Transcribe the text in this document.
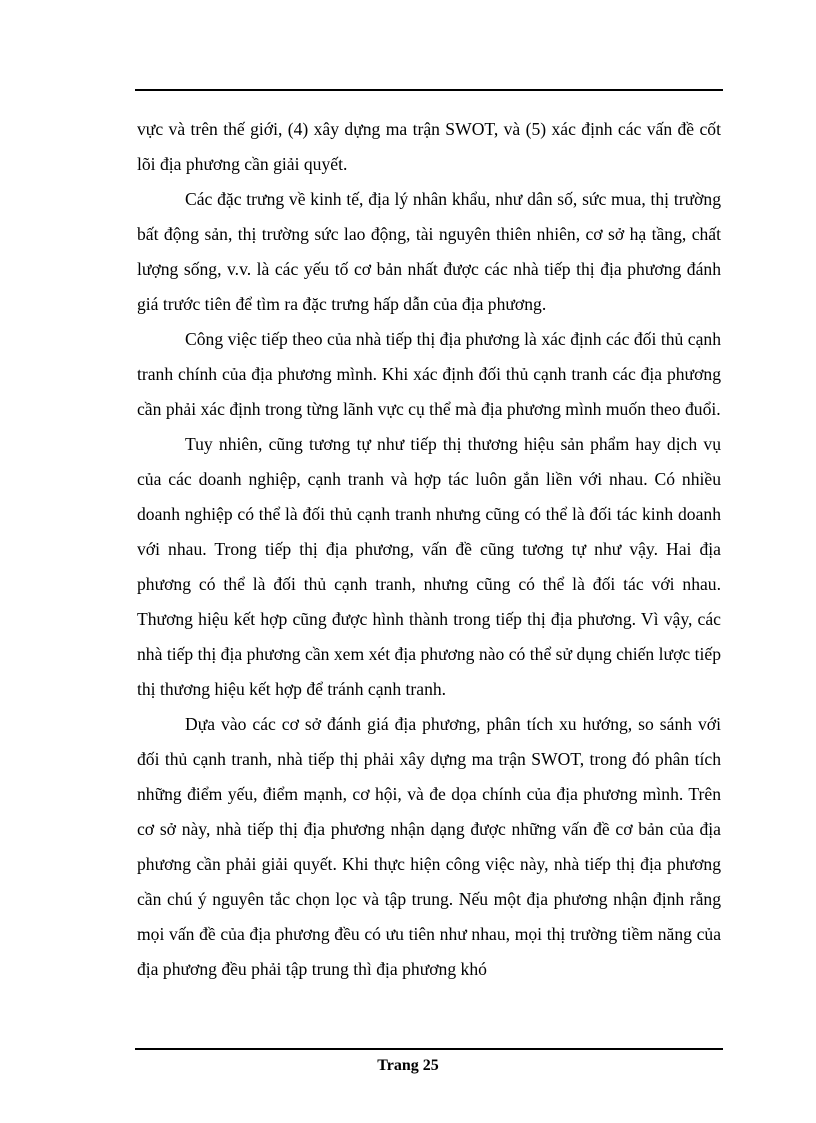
vực và trên thế giới, (4) xây dựng ma trận SWOT, và (5) xác định các vấn đề cốt lõi địa phương cần giải quyết.

Các đặc trưng về kinh tế, địa lý nhân khẩu, như dân số, sức mua, thị trường bất động sản, thị trường sức lao động, tài nguyên thiên nhiên, cơ sở hạ tầng, chất lượng sống, v.v. là các yếu tố cơ bản nhất được các nhà tiếp thị địa phương đánh giá trước tiên để tìm ra đặc trưng hấp dẫn của địa phương.

Công việc tiếp theo của nhà tiếp thị địa phương là xác định các đối thủ cạnh tranh chính của địa phương mình. Khi xác định đối thủ cạnh tranh các địa phương cần phải xác định trong từng lãnh vực cụ thể mà địa phương mình muốn theo đuổi.

Tuy nhiên, cũng tương tự như tiếp thị thương hiệu sản phẩm hay dịch vụ của các doanh nghiệp, cạnh tranh và hợp tác luôn gắn liền với nhau. Có nhiều doanh nghiệp có thể là đối thủ cạnh tranh nhưng cũng có thể là đối tác kinh doanh với nhau. Trong tiếp thị địa phương, vấn đề cũng tương tự như vậy. Hai địa phương có thể là đối thủ cạnh tranh, nhưng cũng có thể là đối tác với nhau. Thương hiệu kết hợp cũng được hình thành trong tiếp thị địa phương. Vì vậy, các nhà tiếp thị địa phương cần xem xét địa phương nào có thể sử dụng chiến lược tiếp thị thương hiệu kết hợp để tránh cạnh tranh.

Dựa vào các cơ sở đánh giá địa phương, phân tích xu hướng, so sánh với đối thủ cạnh tranh, nhà tiếp thị phải xây dựng ma trận SWOT, trong đó phân tích những điểm yếu, điểm mạnh, cơ hội, và đe dọa chính của địa phương mình. Trên cơ sở này, nhà tiếp thị địa phương nhận dạng được những vấn đề cơ bản của địa phương cần phải giải quyết. Khi thực hiện công việc này, nhà tiếp thị địa phương cần chú ý nguyên tắc chọn lọc và tập trung. Nếu một địa phương nhận định rằng mọi vấn đề của địa phương đều có ưu tiên như nhau, mọi thị trường tiềm năng của địa phương đều phải tập trung thì địa phương khó

Trang 25
